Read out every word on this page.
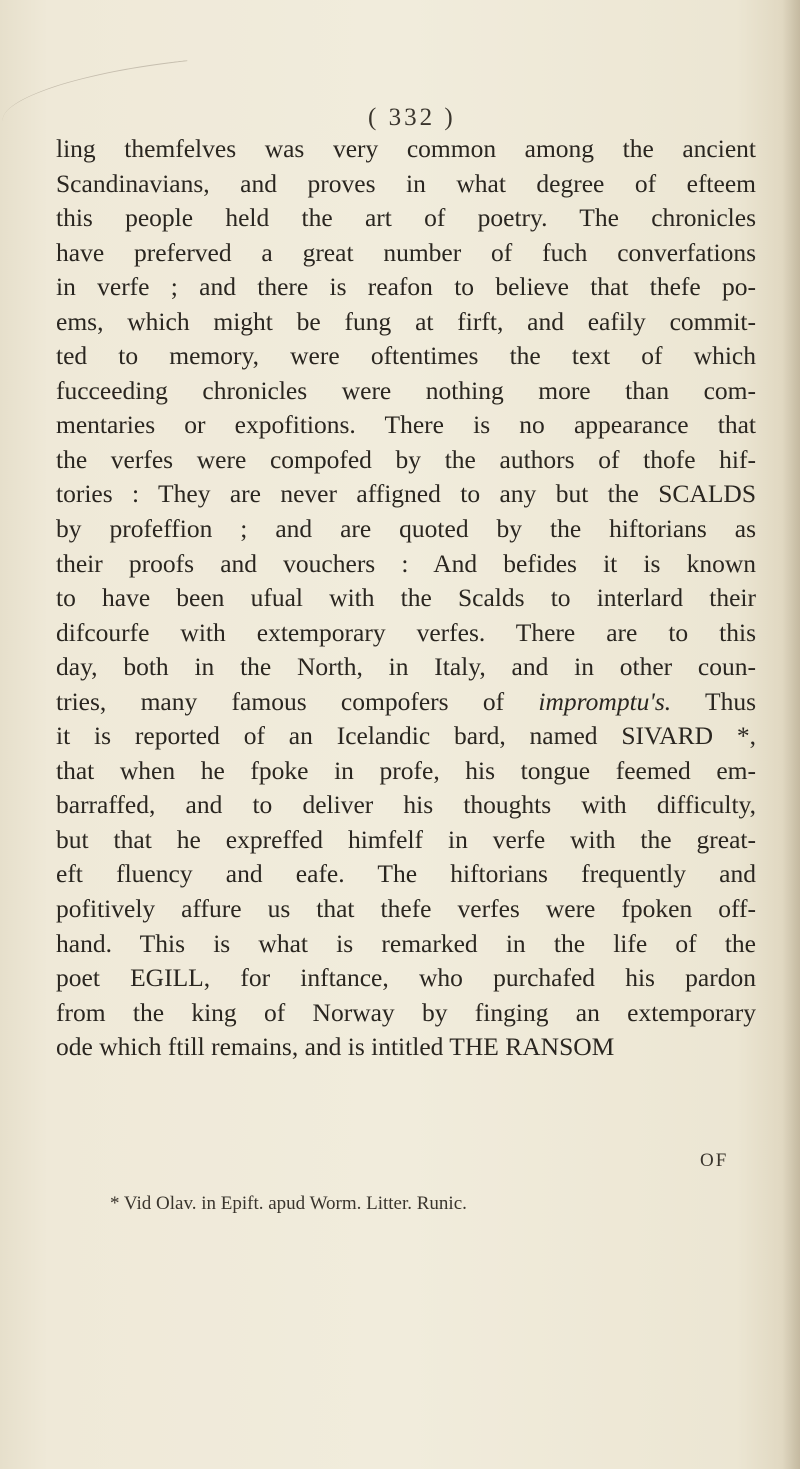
( 332 )
ling themfelves was very common among the ancient
Scandinavians, and proves in what degree of efteem
this people held the art of poetry. The chronicles
have preferved a great number of fuch converfations
in verfe ; and there is reafon to believe that thefe po-
ems, which might be fung at firft, and eafily commit-
ted to memory, were oftentimes the text of which
fucceeding chronicles were nothing more than com-
mentaries or expofitions. There is no appearance that
the verfes were compofed by the authors of thofe hif-
tories : They are never affigned to any but the SCALDS
by profeffion ; and are quoted by the hiftorians as
their proofs and vouchers : And befides it is known
to have been ufual with the Scalds to interlard their
difcourfe with extemporary verfes. There are to this
day, both in the North, in Italy, and in other coun-
tries, many famous compofers of impromptu's. Thus
it is reported of an Icelandic bard, named SIVARD *,
that when he fpoke in profe, his tongue feemed em-
barraffed, and to deliver his thoughts with difficulty,
but that he expreffed himfelf in verfe with the great-
eft fluency and eafe. The hiftorians frequently and
pofitively affure us that thefe verfes were fpoken off-
hand. This is what is remarked in the life of the
poet EGILL, for inftance, who purchafed his pardon
from the king of Norway by finging an extemporary
ode which ftill remains, and is intitled THE RANSOM
OF
* Vid Olav. in Epift. apud Worm. Litter. Runic.
